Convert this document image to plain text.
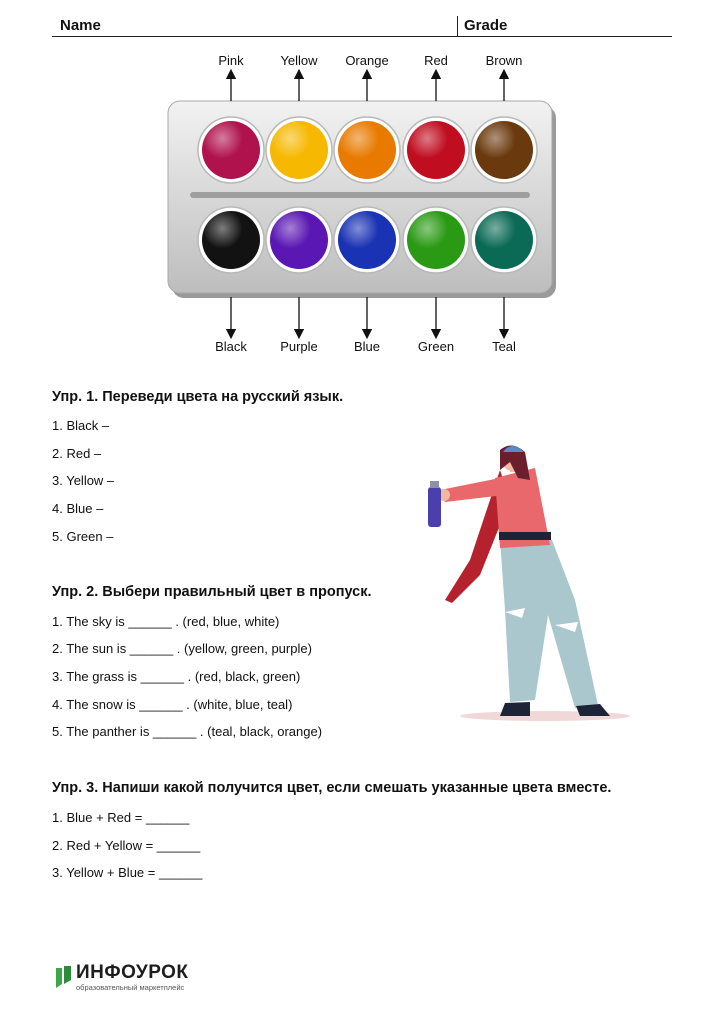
Name	Grade
Pink	Yellow	Orange	Red	Brown
Black	Purple	Blue	Green	Teal
Упр. 1. Переведи цвета на русский язык.
1. Black –
2. Red –
3. Yellow –
4. Blue –
5. Green –
Упр. 2. Выбери правильный цвет в пропуск.
1. The sky is ______ . (red, blue, white)
2. The sun is ______ . (yellow, green, purple)
3. The grass is ______ . (red, black, green)
4. The snow is ______ . (white, blue, teal)
5. The panther is ______ . (teal, black, orange)
Упр. 3. Напиши какой получится цвет, если смешать указанные цвета вместе.
1. Blue + Red = ______
2. Red + Yellow = ______
3. Yellow + Blue = ______
ИНФОУРОК
образовательный маркетплейс
